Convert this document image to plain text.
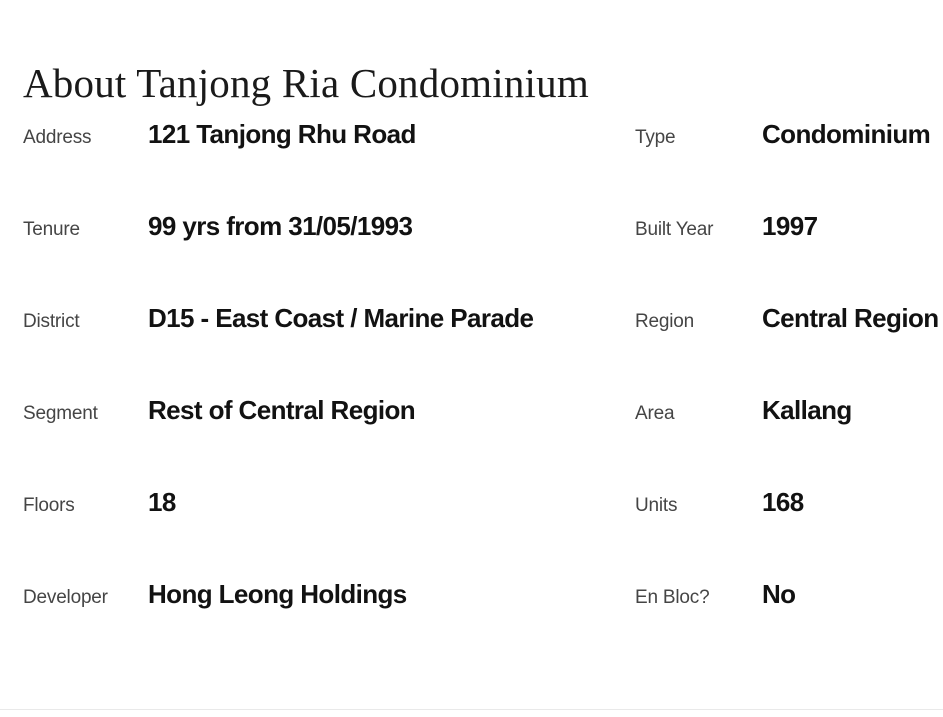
About Tanjong Ria Condominium
Address	121 Tanjong Rhu Road	Type	Condominium
Tenure	99 yrs from 31/05/1993	Built Year	1997
District	D15 - East Coast / Marine Parade	Region	Central Region
Segment	Rest of Central Region	Area	Kallang
Floors	18	Units	168
Developer	Hong Leong Holdings	En Bloc?	No
